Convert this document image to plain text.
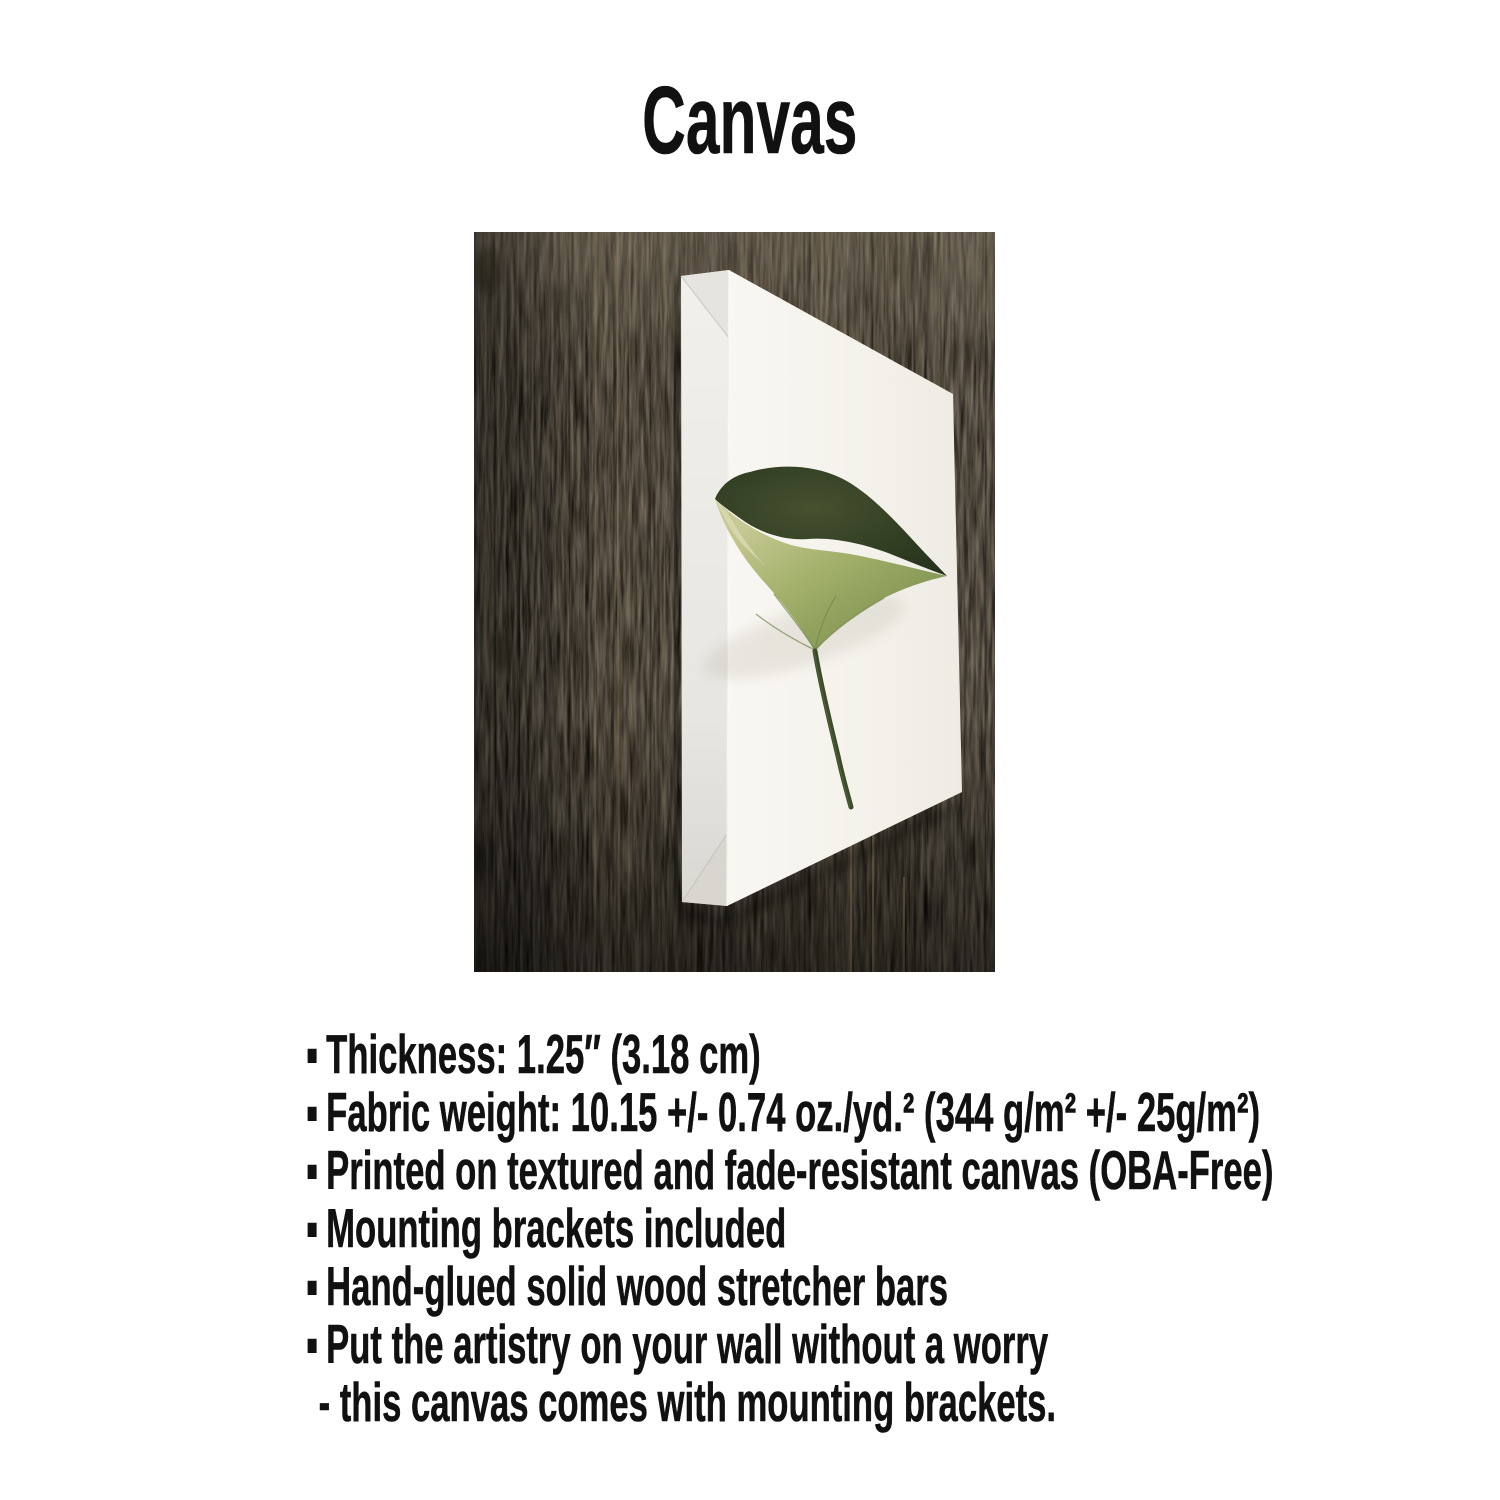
Canvas
▪ Thickness: 1.25″ (3.18 cm)
▪ Fabric weight: 10.15 +/- 0.74 oz./yd.² (344 g/m² +/- 25g/m²)
▪ Printed on textured and fade-resistant canvas (OBA-Free)
▪ Mounting brackets included
▪ Hand-glued solid wood stretcher bars
▪ Put the artistry on your wall without a worry
- this canvas comes with mounting brackets.
